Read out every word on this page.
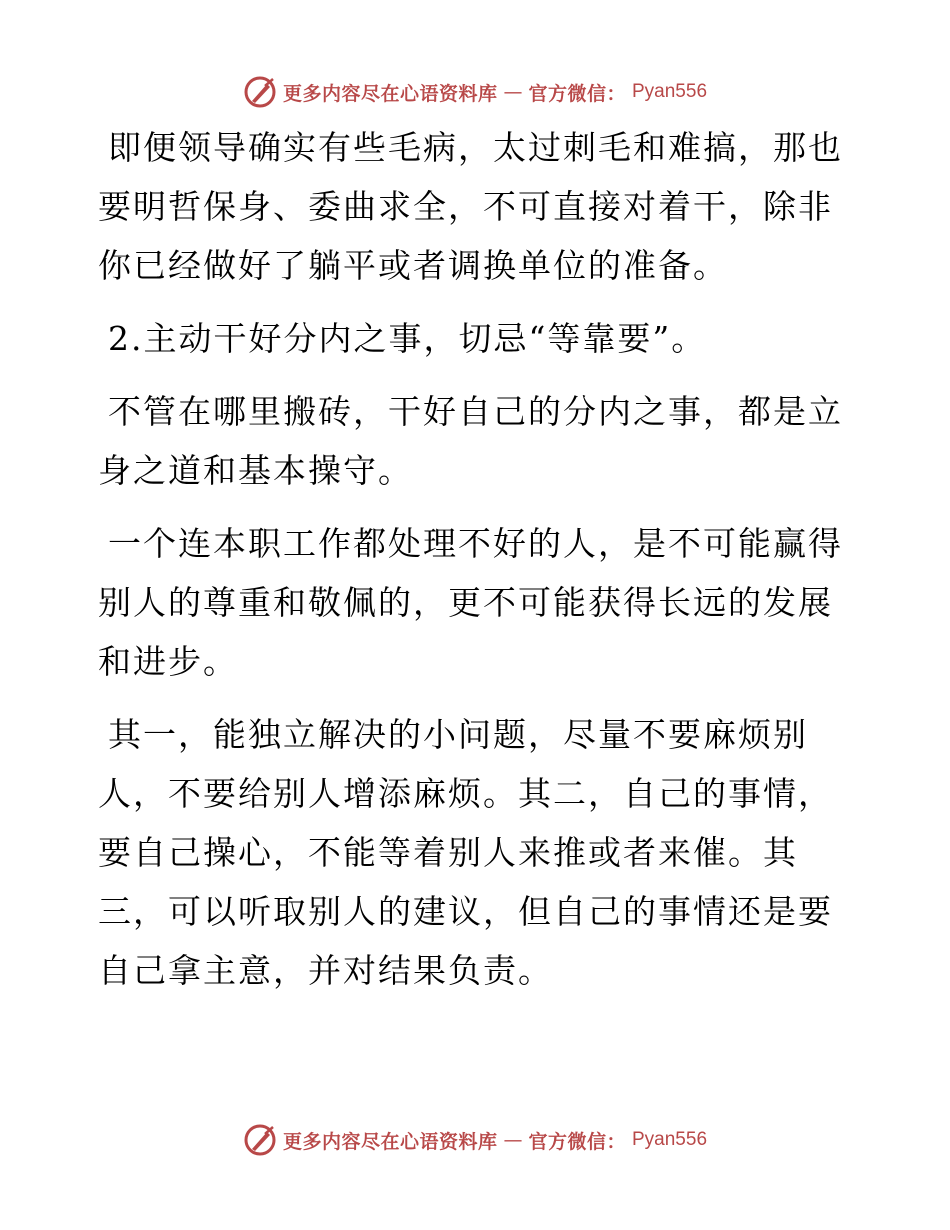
更多内容尽在心语资料库 — 官方微信： Pyan556

即便领导确实有些毛病，太过刺毛和难搞，那也要明哲保身、委曲求全，不可直接对着干，除非你已经做好了躺平或者调换单位的准备。

2.主动干好分内之事，切忌“等靠要”。

不管在哪里搬砖，干好自己的分内之事，都是立身之道和基本操守。

一个连本职工作都处理不好的人，是不可能赢得别人的尊重和敬佩的，更不可能获得长远的发展和进步。

其一，能独立解决的小问题，尽量不要麻烦别人，不要给别人增添麻烦。其二，自己的事情，要自己操心，不能等着别人来推或者来催。其三，可以听取别人的建议，但自己的事情还是要自己拿主意，并对结果负责。

更多内容尽在心语资料库 — 官方微信： Pyan556
